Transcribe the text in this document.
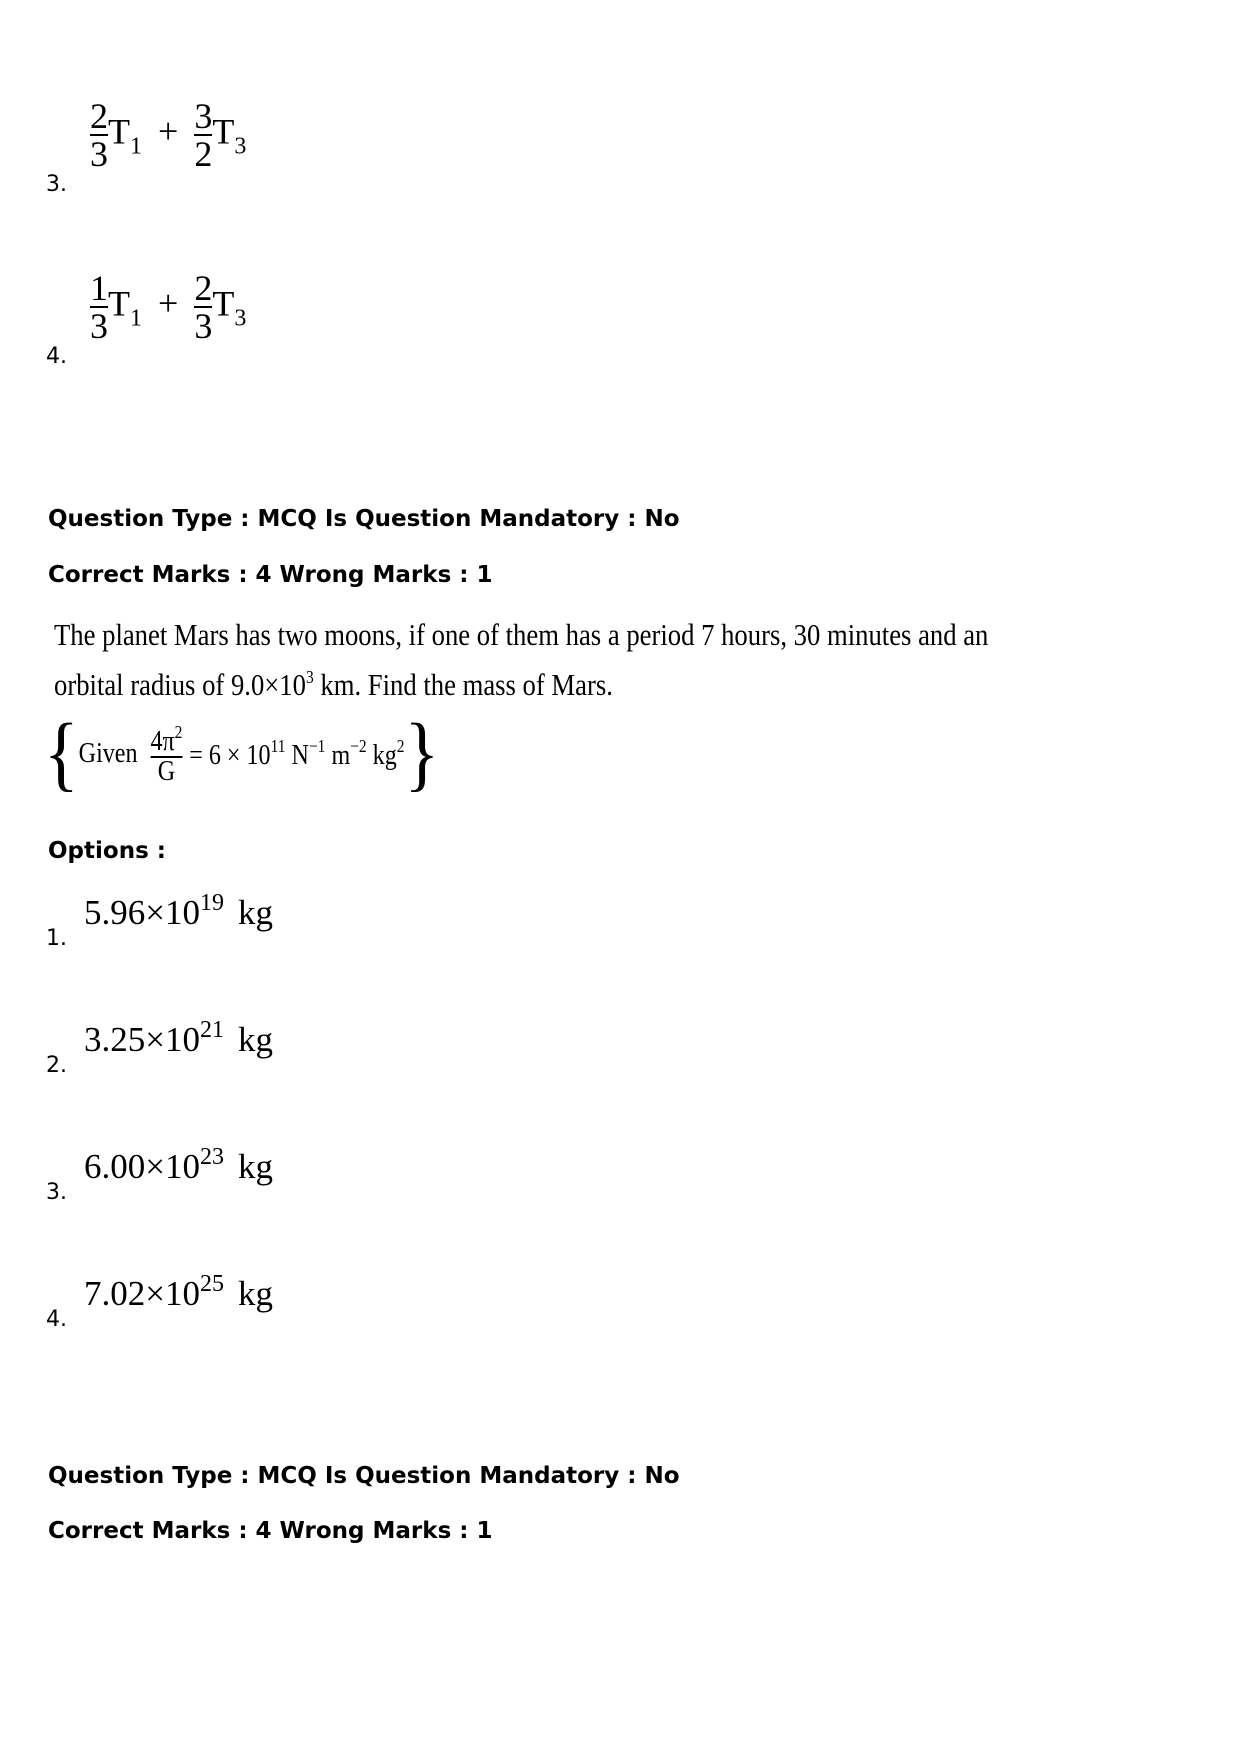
3.
$\frac{2}{3} T_1 + \frac{3}{2} T_3$
4.
$\frac{1}{3} T_1 + \frac{2}{3} T_3$
Question Type : MCQ Is Question Mandatory : No
Correct Marks : 4 Wrong Marks : 1
The planet Mars has two moons, if one of them has a period 7 hours, 30 minutes and an
orbital radius of $9.0\times 10^3$ km. Find the mass of Mars.
{Given $\frac{4\pi^2}{G} = 6 \times 10^{11}$ $N^{-1}$ $m^{-2}$ $kg^2$}
Options :
1.
$5.96\times 10^{19}$ kg
2.
$3.25\times 10^{21}$ kg
3.
$6.00\times 10^{23}$ kg
4.
$7.02\times 10^{25}$ kg
Question Type : MCQ Is Question Mandatory : No
Correct Marks : 4 Wrong Marks : 1
